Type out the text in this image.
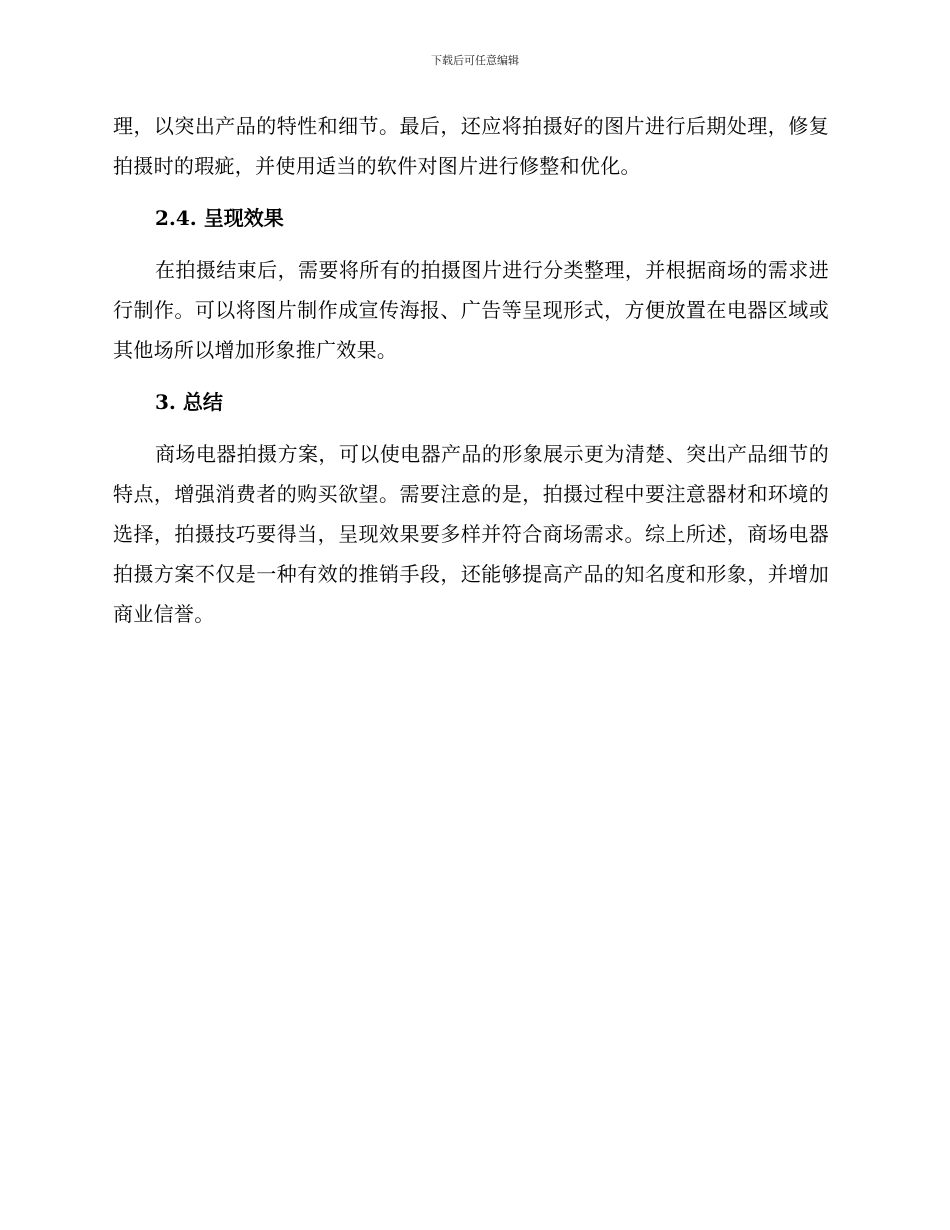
下载后可任意编辑

理，以突出产品的特性和细节。最后，还应将拍摄好的图片进行后期处理，修复拍摄时的瑕疵，并使用适当的软件对图片进行修整和优化。

2.4. 呈现效果

在拍摄结束后，需要将所有的拍摄图片进行分类整理，并根据商场的需求进行制作。可以将图片制作成宣传海报、广告等呈现形式，方便放置在电器区域或其他场所以增加形象推广效果。

3. 总结

商场电器拍摄方案，可以使电器产品的形象展示更为清楚、突出产品细节的特点，增强消费者的购买欲望。需要注意的是，拍摄过程中要注意器材和环境的选择，拍摄技巧要得当，呈现效果要多样并符合商场需求。综上所述，商场电器拍摄方案不仅是一种有效的推销手段，还能够提高产品的知名度和形象，并增加商业信誉。
